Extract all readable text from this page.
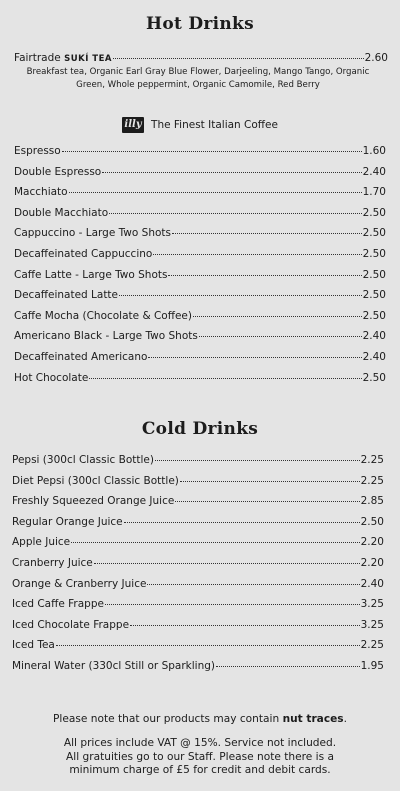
Hot Drinks
Fairtrade SUKÍ TEA	2.60
Breakfast tea, Organic Earl Gray Blue Flower, Darjeeling, Mango Tango, Organic Green, Whole peppermint, Organic Camomile, Red Berry
illy The Finest Italian Coffee
Espresso	1.60
Double Espresso	2.40
Macchiato	1.70
Double Macchiato	2.50
Cappuccino - Large Two Shots	2.50
Decaffeinated Cappuccino	2.50
Caffe Latte - Large Two Shots	2.50
Decaffeinated Latte	2.50
Caffe Mocha (Chocolate & Coffee)	2.50
Americano Black - Large Two Shots	2.40
Decaffeinated Americano	2.40
Hot Chocolate	2.50
Cold Drinks
Pepsi (300cl Classic Bottle)	2.25
Diet Pepsi (300cl Classic Bottle)	2.25
Freshly Squeezed Orange Juice	2.85
Regular Orange Juice	2.50
Apple Juice	2.20
Cranberry Juice	2.20
Orange & Cranberry Juice	2.40
Iced Caffe Frappe	3.25
Iced Chocolate Frappe	3.25
Iced Tea	2.25
Mineral Water (330cl Still or Sparkling)	1.95
Please note that our products may contain nut traces.
All prices include VAT @ 15%. Service not included.
All gratuities go to our Staff. Please note there is a minimum charge of £5 for credit and debit cards.
